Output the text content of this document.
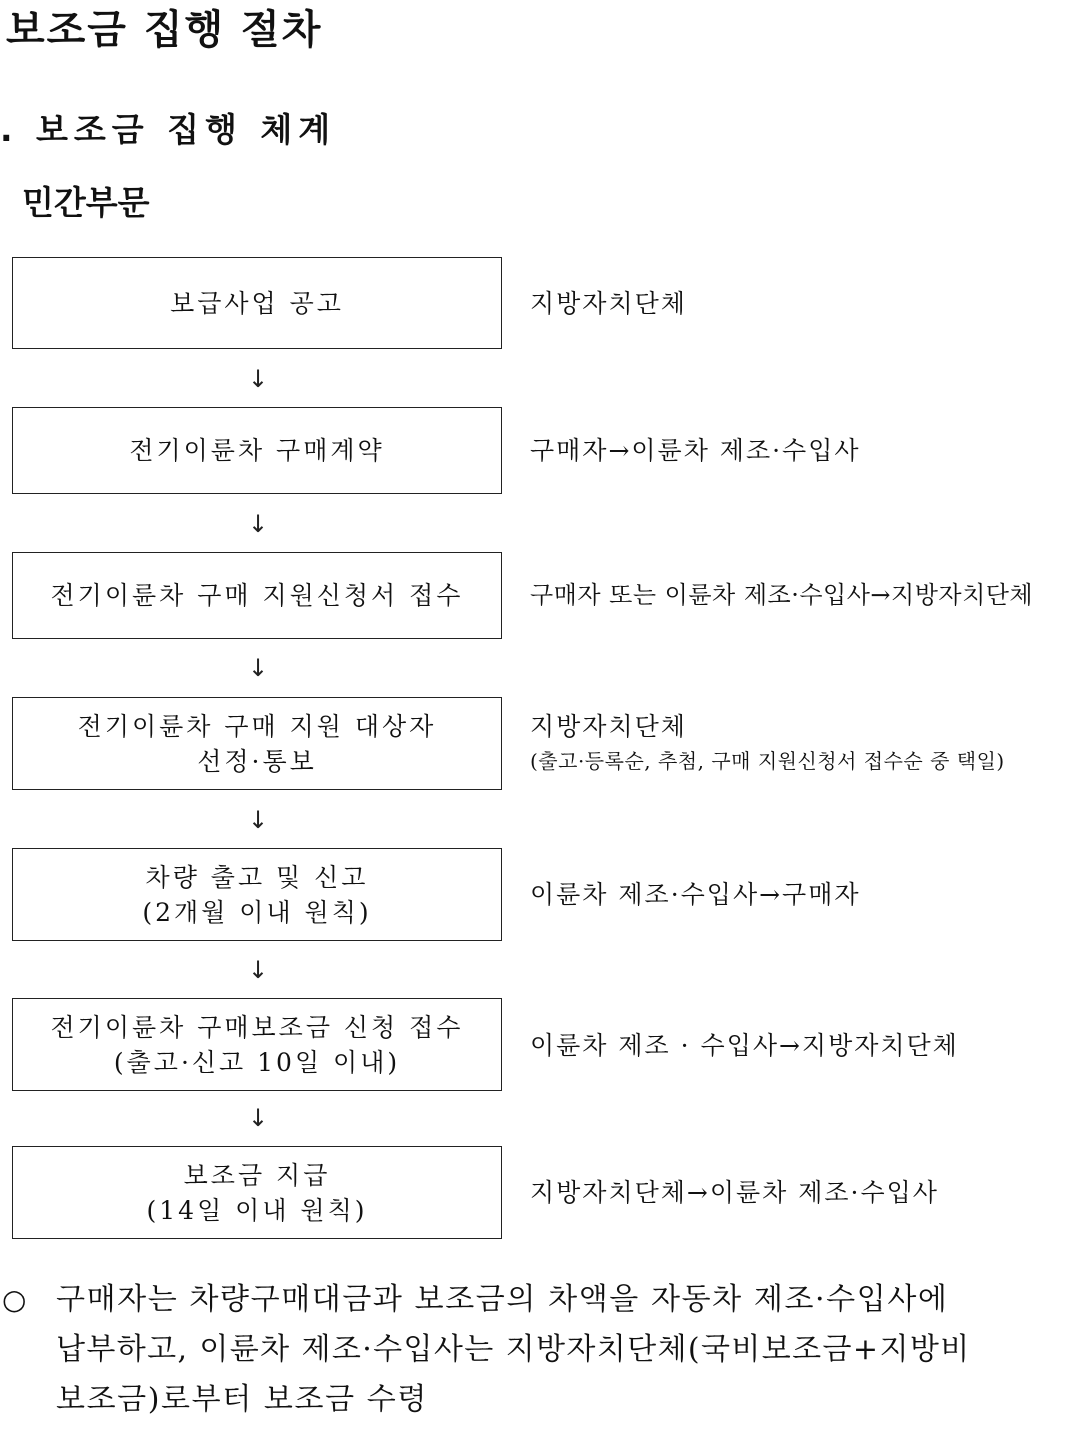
보조금 집행 절차
. 보조금 집행 체계
민간부문
보급사업 공고	지방자치단체
↓
전기이륜차 구매계약	구매자→이륜차 제조·수입사
↓
전기이륜차 구매 지원신청서 접수	구매자 또는 이륜차 제조·수입사→지방자치단체
↓
전기이륜차 구매 지원 대상자
선정·통보
지방자치단체
(출고·등록순, 추첨, 구매 지원신청서 접수순 중 택일)
↓
차량 출고 및 신고
(2개월 이내 원칙)
이륜차 제조·수입사→구매자
↓
전기이륜차 구매보조금 신청 접수
(출고·신고 10일 이내)
이륜차 제조 · 수입사→지방자치단체
↓
보조금 지급
(14일 이내 원칙)
지방자치단체→이륜차 제조·수입사
○ 구매자는 차량구매대금과 보조금의 차액을 자동차 제조·수입사에
납부하고, 이륜차 제조·수입사는 지방자치단체(국비보조금+지방비
보조금)로부터 보조금 수령
